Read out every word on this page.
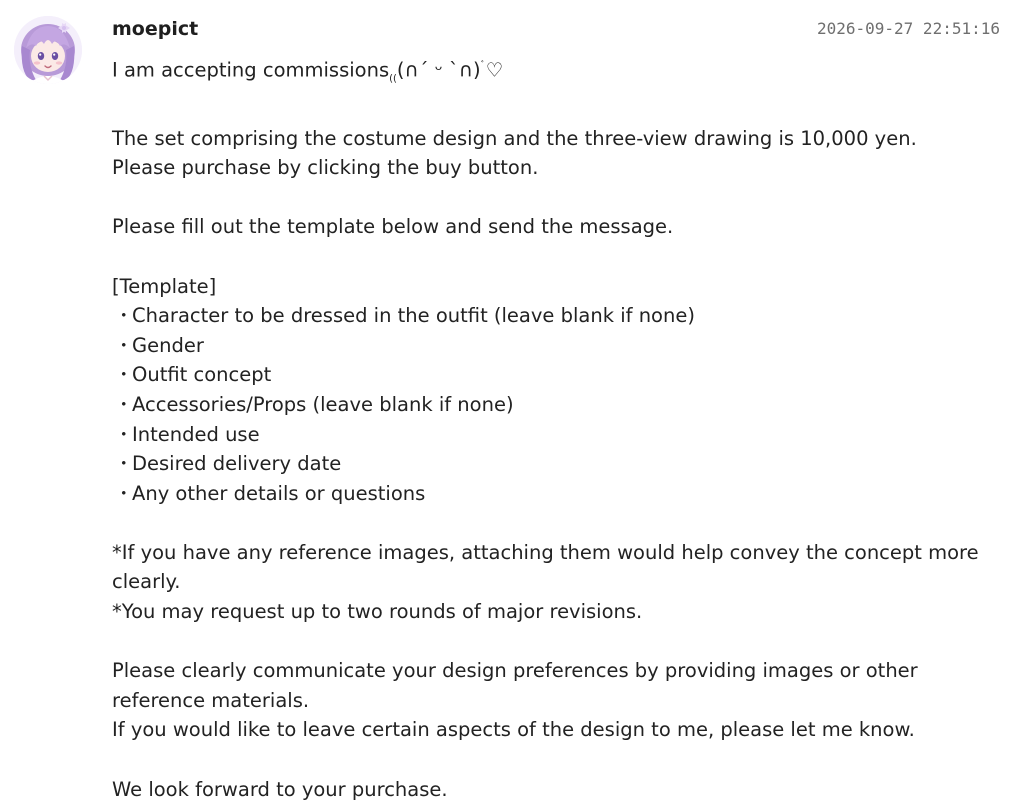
moepict	2026-09-27 22:51:16
I am accepting commissions$_{((}$(∩´ ᵕ `∩)$^ﾞ$♡
The set comprising the costume design and the three-view drawing is 10,000 yen.
Please purchase by clicking the buy button.
Please fill out the template below and send the message.
[Template]
・Character to be dressed in the outfit (leave blank if none)
・Gender
・Outfit concept
・Accessories/Props (leave blank if none)
・Intended use
・Desired delivery date
・Any other details or questions
*If you have any reference images, attaching them would help convey the concept more clearly.
*You may request up to two rounds of major revisions.
Please clearly communicate your design preferences by providing images or other reference materials.
If you would like to leave certain aspects of the design to me, please let me know.
We look forward to your purchase.
